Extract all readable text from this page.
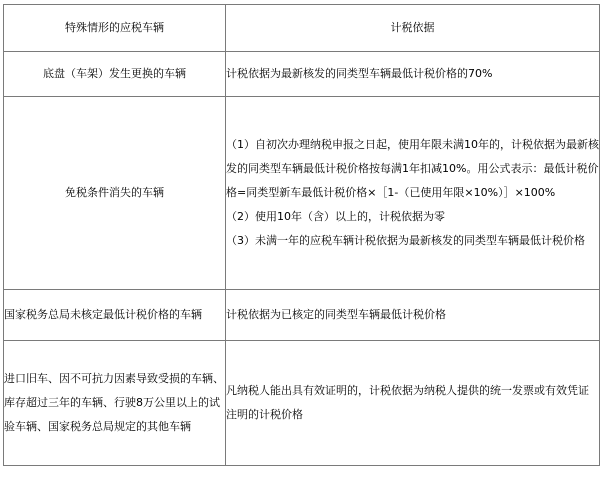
特殊情形的应税车辆	计税依据
底盘（车架）发生更换的车辆	计税依据为最新核发的同类型车辆最低计税价格的70%

免税条件消失的车辆	（1）自初次办理纳税申报之日起，使用年限未满10年的，计税依据为最新核发的同类型车辆最低计税价格按每满1年扣减10%。用公式表示：最低计税价格=同类型新车最低计税价格×［1-（已使用年限×10%）］×100%
（2）使用10年（含）以上的，计税依据为零
（3）未满一年的应税车辆计税依据为最新核发的同类型车辆最低计税价格

国家税务总局未核定最低计税价格的车辆	计税依据为已核定的同类型车辆最低计税价格

进口旧车、因不可抗力因素导致受损的车辆、库存超过三年的车辆、行驶8万公里以上的试验车辆、国家税务总局规定的其他车辆	凡纳税人能出具有效证明的，计税依据为纳税人提供的统一发票或有效凭证注明的计税价格
